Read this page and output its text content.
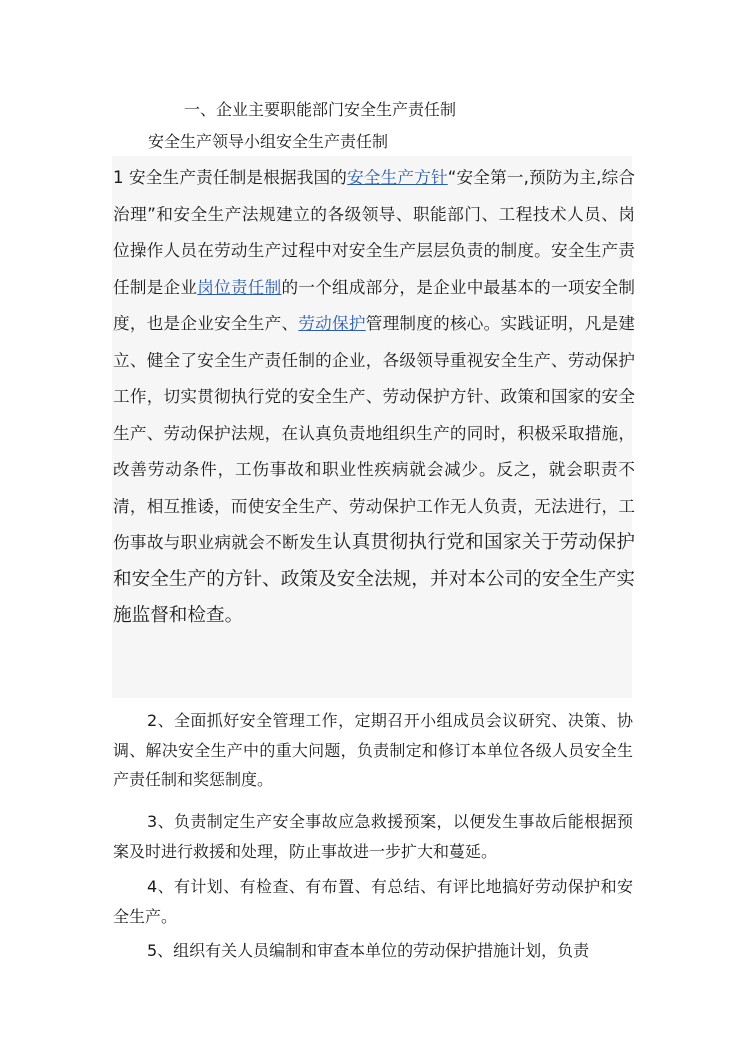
一、企业主要职能部门安全生产责任制
安全生产领导小组安全生产责任制
1 安全生产责任制是根据我国的安全生产方针“安全第一,预防为主,综合治理”和安全生产法规建立的各级领导、职能部门、工程技术人员、岗位操作人员在劳动生产过程中对安全生产层层负责的制度。安全生产责任制是企业岗位责任制的一个组成部分，是企业中最基本的一项安全制度，也是企业安全生产、劳动保护管理制度的核心。实践证明，凡是建立、健全了安全生产责任制的企业，各级领导重视安全生产、劳动保护工作，切实贯彻执行党的安全生产、劳动保护方针、政策和国家的安全生产、劳动保护法规，在认真负责地组织生产的同时，积极采取措施，改善劳动条件，工伤事故和职业性疾病就会减少。反之，就会职责不清，相互推诿，而使安全生产、劳动保护工作无人负责，无法进行，工伤事故与职业病就会不断发生认真贯彻执行党和国家关于劳动保护和安全生产的方针、政策及安全法规，并对本公司的安全生产实施监督和检查。
2、全面抓好安全管理工作，定期召开小组成员会议研究、决策、协调、解决安全生产中的重大问题，负责制定和修订本单位各级人员安全生产责任制和奖惩制度。
3、负责制定生产安全事故应急救援预案，以便发生事故后能根据预案及时进行救援和处理，防止事故进一步扩大和蔓延。
4、有计划、有检查、有布置、有总结、有评比地搞好劳动保护和安全生产。
5、组织有关人员编制和审查本单位的劳动保护措施计划，负责
